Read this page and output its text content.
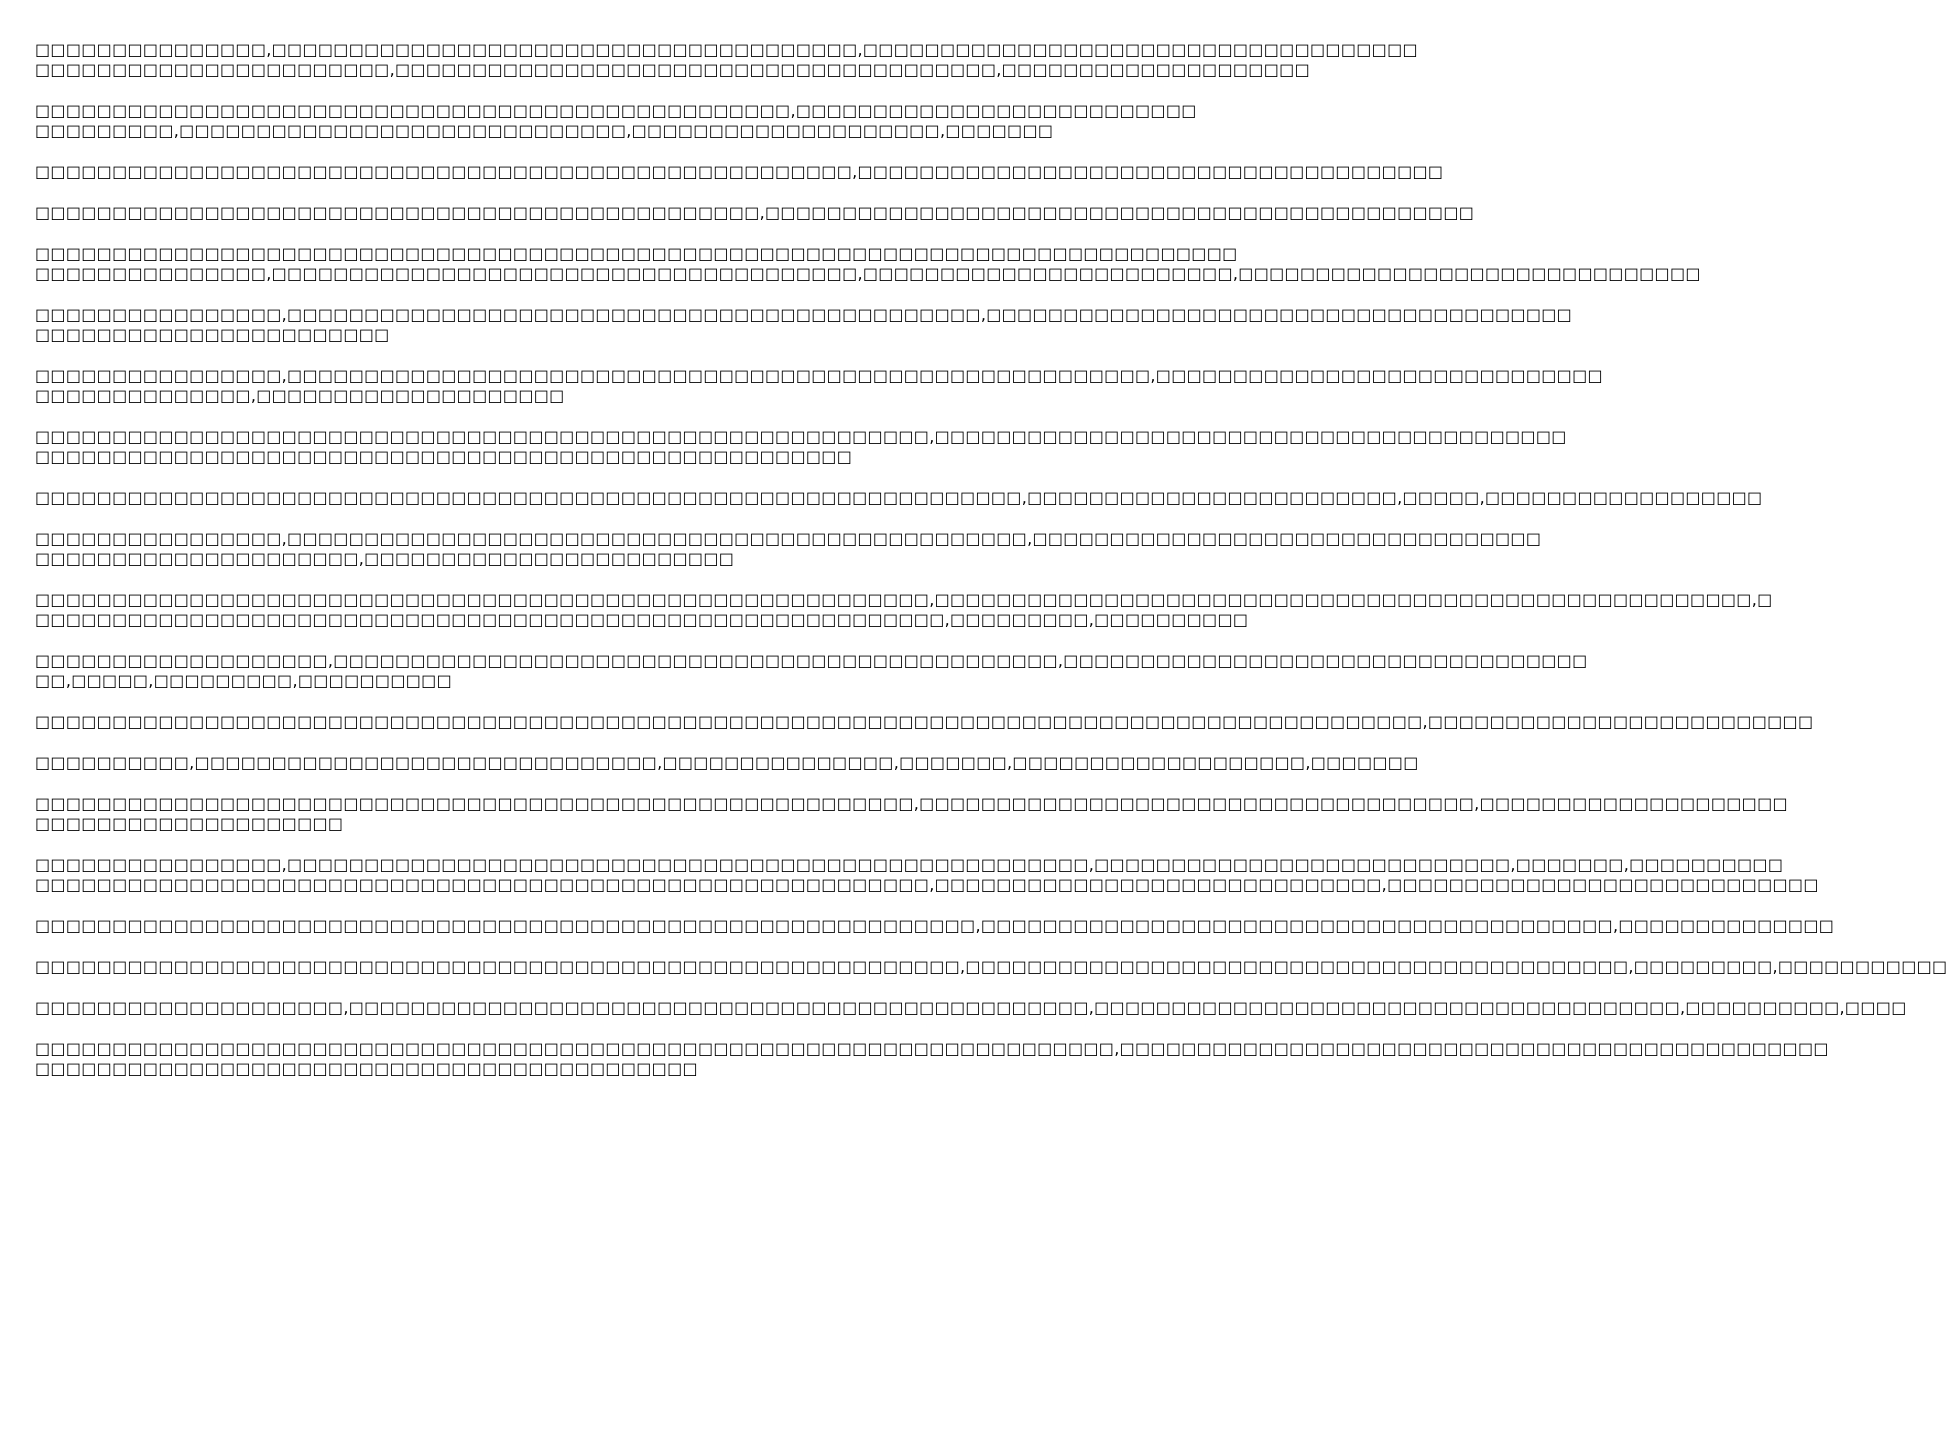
□□□□□□□□□□□□□□□,□□□□□□□□□□□□□□□□□□□□□□□□□□□□□□□□□□□□□□,□□□□□□□□□□□□□□□□□□□□□□□□□□□□□□□□□□□□
□□□□□□□□□□□□□□□□□□□□□□□,□□□□□□□□□□□□□□□□□□□□□□□□□□□□□□□□□□□□□□□,□□□□□□□□□□□□□□□□□□□□
□□□□□□□□□□□□□□□□□□□□□□□□□□□□□□□□□□□□□□□□□□□□□□□□□,□□□□□□□□□□□□□□□□□□□□□□□□□□
□□□□□□□□□,□□□□□□□□□□□□□□□□□□□□□□□□□□□□□,□□□□□□□□□□□□□□□□□□□□,□□□□□□□
□□□□□□□□□□□□□□□□□□□□□□□□□□□□□□□□□□□□□□□□□□□□□□□□□□□□□,□□□□□□□□□□□□□□□□□□□□□□□□□□□□□□□□□□□□□□
□□□□□□□□□□□□□□□□□□□□□□□□□□□□□□□□□□□□□□□□□□□□□□□,□□□□□□□□□□□□□□□□□□□□□□□□□□□□□□□□□□□□□□□□□□□□□□
□□□□□□□□□□□□□□□□□□□□□□□□□□□□□□□□□□□□□□□□□□□□□□□□□□□□□□□□□□□□□□□□□□□□□□□□□□□□□□
□□□□□□□□□□□□□□□,□□□□□□□□□□□□□□□□□□□□□□□□□□□□□□□□□□□□□□,□□□□□□□□□□□□□□□□□□□□□□□□,□□□□□□□□□□□□□□□□□□□□□□□□□□□□□□
□□□□□□□□□□□□□□□□,□□□□□□□□□□□□□□□□□□□□□□□□□□□□□□□□□□□□□□□□□□□□□,□□□□□□□□□□□□□□□□□□□□□□□□□□□□□□□□□□□□□□
□□□□□□□□□□□□□□□□□□□□□□□
□□□□□□□□□□□□□□□□,□□□□□□□□□□□□□□□□□□□□□□□□□□□□□□□□□□□□□□□□□□□□□□□□□□□□□□□□,□□□□□□□□□□□□□□□□□□□□□□□□□□□□□
□□□□□□□□□□□□□□,□□□□□□□□□□□□□□□□□□□□
□□□□□□□□□□□□□□□□□□□□□□□□□□□□□□□□□□□□□□□□□□□□□□□□□□□□□□□□□□,□□□□□□□□□□□□□□□□□□□□□□□□□□□□□□□□□□□□□□□□□
□□□□□□□□□□□□□□□□□□□□□□□□□□□□□□□□□□□□□□□□□□□□□□□□□□□□□
□□□□□□□□□□□□□□□□□□□□□□□□□□□□□□□□□□□□□□□□□□□□□□□□□□□□□□□□□□□□□□□□,□□□□□□□□□□□□□□□□□□□□□□□□,□□□□□,□□□□□□□□□□□□□□□□□□
□□□□□□□□□□□□□□□□,□□□□□□□□□□□□□□□□□□□□□□□□□□□□□□□□□□□□□□□□□□□□□□□□,□□□□□□□□□□□□□□□□□□□□□□□□□□□□□□□□□
□□□□□□□□□□□□□□□□□□□□□,□□□□□□□□□□□□□□□□□□□□□□□□
□□□□□□□□□□□□□□□□□□□□□□□□□□□□□□□□□□□□□□□□□□□□□□□□□□□□□□□□□□,□□□□□□□□□□□□□□□□□□□□□□□□□□□□□□□□□□□□□□□□□□□□□□□□□□□□□,□
□□□□□□□□□□□□□□□□□□□□□□□□□□□□□□□□□□□□□□□□□□□□□□□□□□□□□□□□□□□,□□□□□□□□□,□□□□□□□□□□
□□□□□□□□□□□□□□□□□□□,□□□□□□□□□□□□□□□□□□□□□□□□□□□□□□□□□□□□□□□□□□□□□□□,□□□□□□□□□□□□□□□□□□□□□□□□□□□□□□□□□□
□□,□□□□□,□□□□□□□□□,□□□□□□□□□□
□□□□□□□□□□□□□□□□□□□□□□□□□□□□□□□□□□□□□□□□□□□□□□□□□□□□□□□□□□□□□□□□□□□□□□□□□□□□□□□□□□□□□□□□□□,□□□□□□□□□□□□□□□□□□□□□□□□□
□□□□□□□□□□,□□□□□□□□□□□□□□□□□□□□□□□□□□□□□□,□□□□□□□□□□□□□□□,□□□□□□□,□□□□□□□□□□□□□□□□□□□,□□□□□□□
□□□□□□□□□□□□□□□□□□□□□□□□□□□□□□□□□□□□□□□□□□□□□□□□□□□□□□□□□,□□□□□□□□□□□□□□□□□□□□□□□□□□□□□□□□□□□□,□□□□□□□□□□□□□□□□□□□□
□□□□□□□□□□□□□□□□□□□□
□□□□□□□□□□□□□□□□,□□□□□□□□□□□□□□□□□□□□□□□□□□□□□□□□□□□□□□□□□□□□□□□□□□□□,□□□□□□□□□□□□□□□□□□□□□□□□□□□,□□□□□□□,□□□□□□□□□□
□□□□□□□□□□□□□□□□□□□□□□□□□□□□□□□□□□□□□□□□□□□□□□□□□□□□□□□□□□,□□□□□□□□□□□□□□□□□□□□□□□□□□□□□,□□□□□□□□□□□□□□□□□□□□□□□□□□□□
□□□□□□□□□□□□□□□□□□□□□□□□□□□□□□□□□□□□□□□□□□□□□□□□□□□□□□□□□□□□□,□□□□□□□□□□□□□□□□□□□□□□□□□□□□□□□□□□□□□□□□□,□□□□□□□□□□□□□□
□□□□□□□□□□□□□□□□□□□□□□□□□□□□□□□□□□□□□□□□□□□□□□□□□□□□□□□□□□□□,□□□□□□□□□□□□□□□□□□□□□□□□□□□□□□□□□□□□□□□□□□□,□□□□□□□□□,□□□□□□□□□□□
□□□□□□□□□□□□□□□□□□□□,□□□□□□□□□□□□□□□□□□□□□□□□□□□□□□□□□□□□□□□□□□□□□□□□,□□□□□□□□□□□□□□□□□□□□□□□□□□□□□□□□□□□□□□,□□□□□□□□□□,□□□□
□□□□□□□□□□□□□□□□□□□□□□□□□□□□□□□□□□□□□□□□□□□□□□□□□□□□□□□□□□□□□□□□□□□□□□,□□□□□□□□□□□□□□□□□□□□□□□□□□□□□□□□□□□□□□□□□□□□□□
□□□□□□□□□□□□□□□□□□□□□□□□□□□□□□□□□□□□□□□□□□□
